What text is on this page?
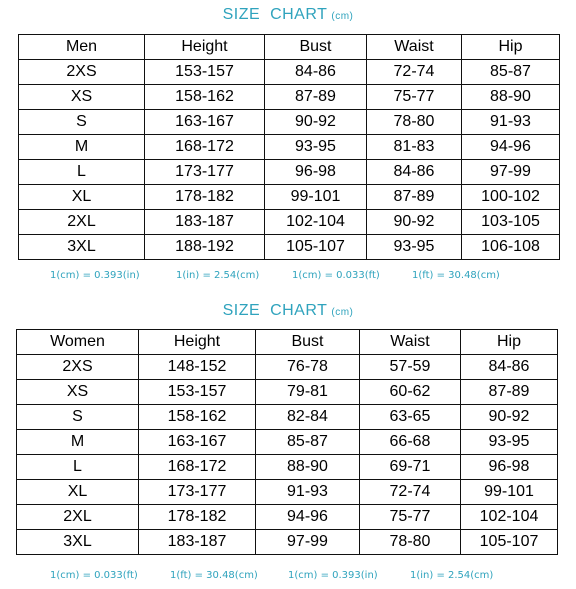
SIZE  CHART (cm)
Men	Height	Bust	Waist	Hip
2XS	153-157	84-86	72-74	85-87
XS	158-162	87-89	75-77	88-90
S	163-167	90-92	78-80	91-93
M	168-172	93-95	81-83	94-96
L	173-177	96-98	84-86	97-99
XL	178-182	99-101	87-89	100-102
2XL	183-187	102-104	90-92	103-105
3XL	188-192	105-107	93-95	106-108
1(cm) = 0.393(in)	1(in) = 2.54(cm)	1(cm) = 0.033(ft)	1(ft) = 30.48(cm)
SIZE  CHART (cm)
Women	Height	Bust	Waist	Hip
2XS	148-152	76-78	57-59	84-86
XS	153-157	79-81	60-62	87-89
S	158-162	82-84	63-65	90-92
M	163-167	85-87	66-68	93-95
L	168-172	88-90	69-71	96-98
XL	173-177	91-93	72-74	99-101
2XL	178-182	94-96	75-77	102-104
3XL	183-187	97-99	78-80	105-107
1(cm) = 0.033(ft)	1(ft) = 30.48(cm)	1(cm) = 0.393(in)	1(in) = 2.54(cm)
